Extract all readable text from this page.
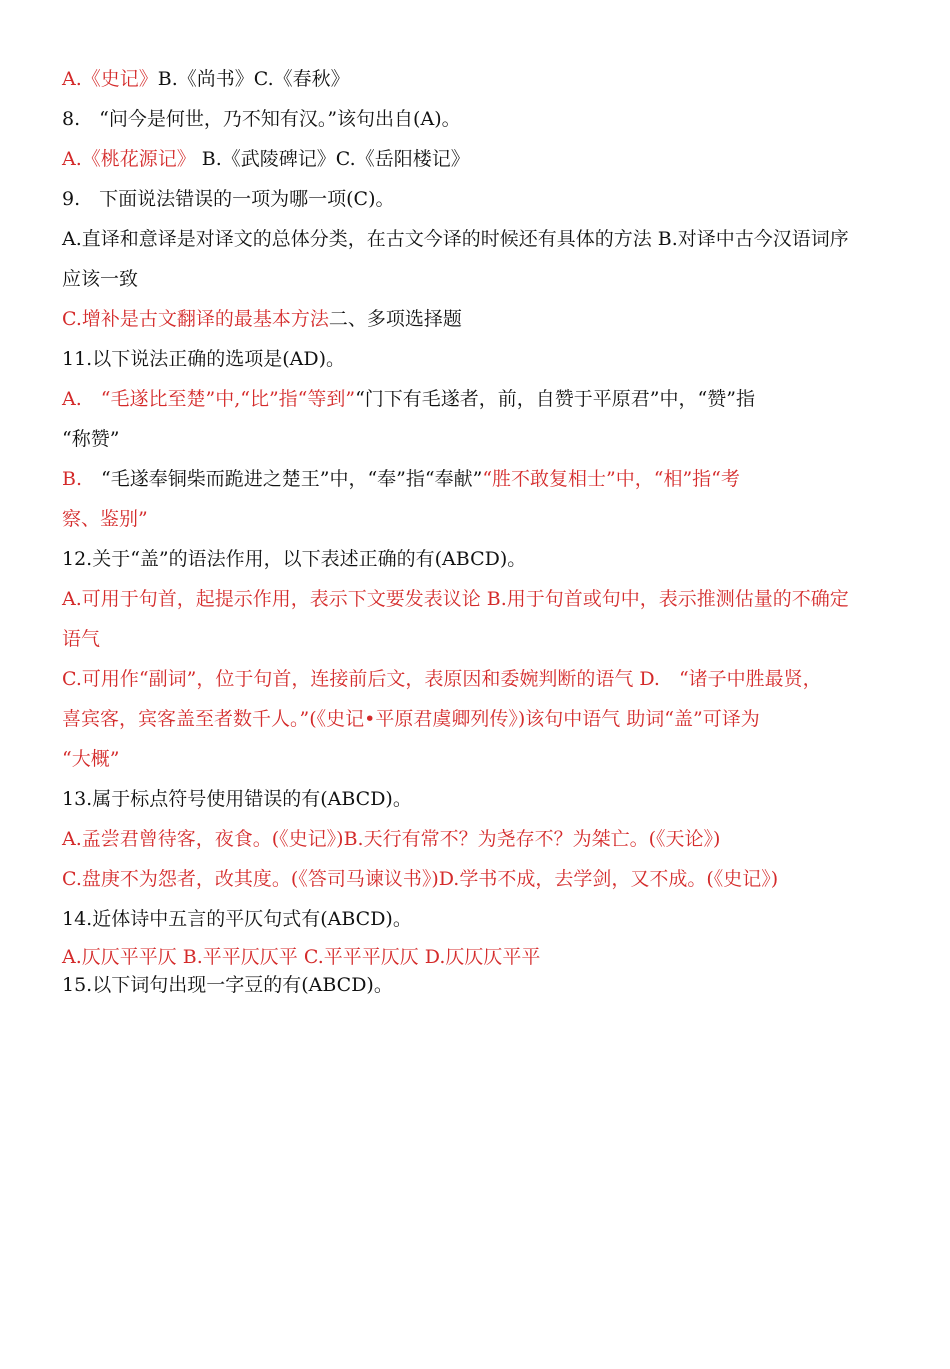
A.《史记》B.《尚书》C.《春秋》
8.　“问今是何世，乃不知有汉。”该句出自(A)。
A.《桃花源记》 B.《武陵碑记》C.《岳阳楼记》
9.　下面说法错误的一项为哪一项(C)。
A.直译和意译是对译文的总体分类，在古文今译的时候还有具体的方法 B.对译中古今汉语词序
应该一致
C.增补是古文翻译的最基本方法二、多项选择题
11.以下说法正确的选项是(AD)。
A.　“毛遂比至楚”中,“比”指“等到”“门下有毛遂者，前，自赞于平原君”中，“赞”指
“称赞”
B.　“毛遂奉铜柴而跪进之楚王”中，“奉”指“奉献”“胜不敢复相士”中，“相”指“考
察、鉴别”
12.关于“盖”的语法作用，以下表述正确的有(ABCD)。
A.可用于句首，起提示作用，表示下文要发表议论 B.用于句首或句中，表示推测估量的不确定
语气
C.可用作“副词”，位于句首，连接前后文，表原因和委婉判断的语气 D.　“诸子中胜最贤，
喜宾客，宾客盖至者数千人。”(《史记•平原君虞卿列传》)该句中语气 助词“盖”可译为
“大概”
13.属于标点符号使用错误的有(ABCD)。
A.孟尝君曾待客，夜食。(《史记》)B.天行有常不？为尧存不？为桀亡。(《天论》)
C.盘庚不为怨者，改其度。(《答司马谏议书》)D.学书不成，去学剑，又不成。(《史记》)
14.近体诗中五言的平仄句式有(ABCD)。
A.仄仄平平仄 B.平平仄仄平 C.平平平仄仄 D.仄仄仄平平
15.以下词句出现一字豆的有(ABCD)。
